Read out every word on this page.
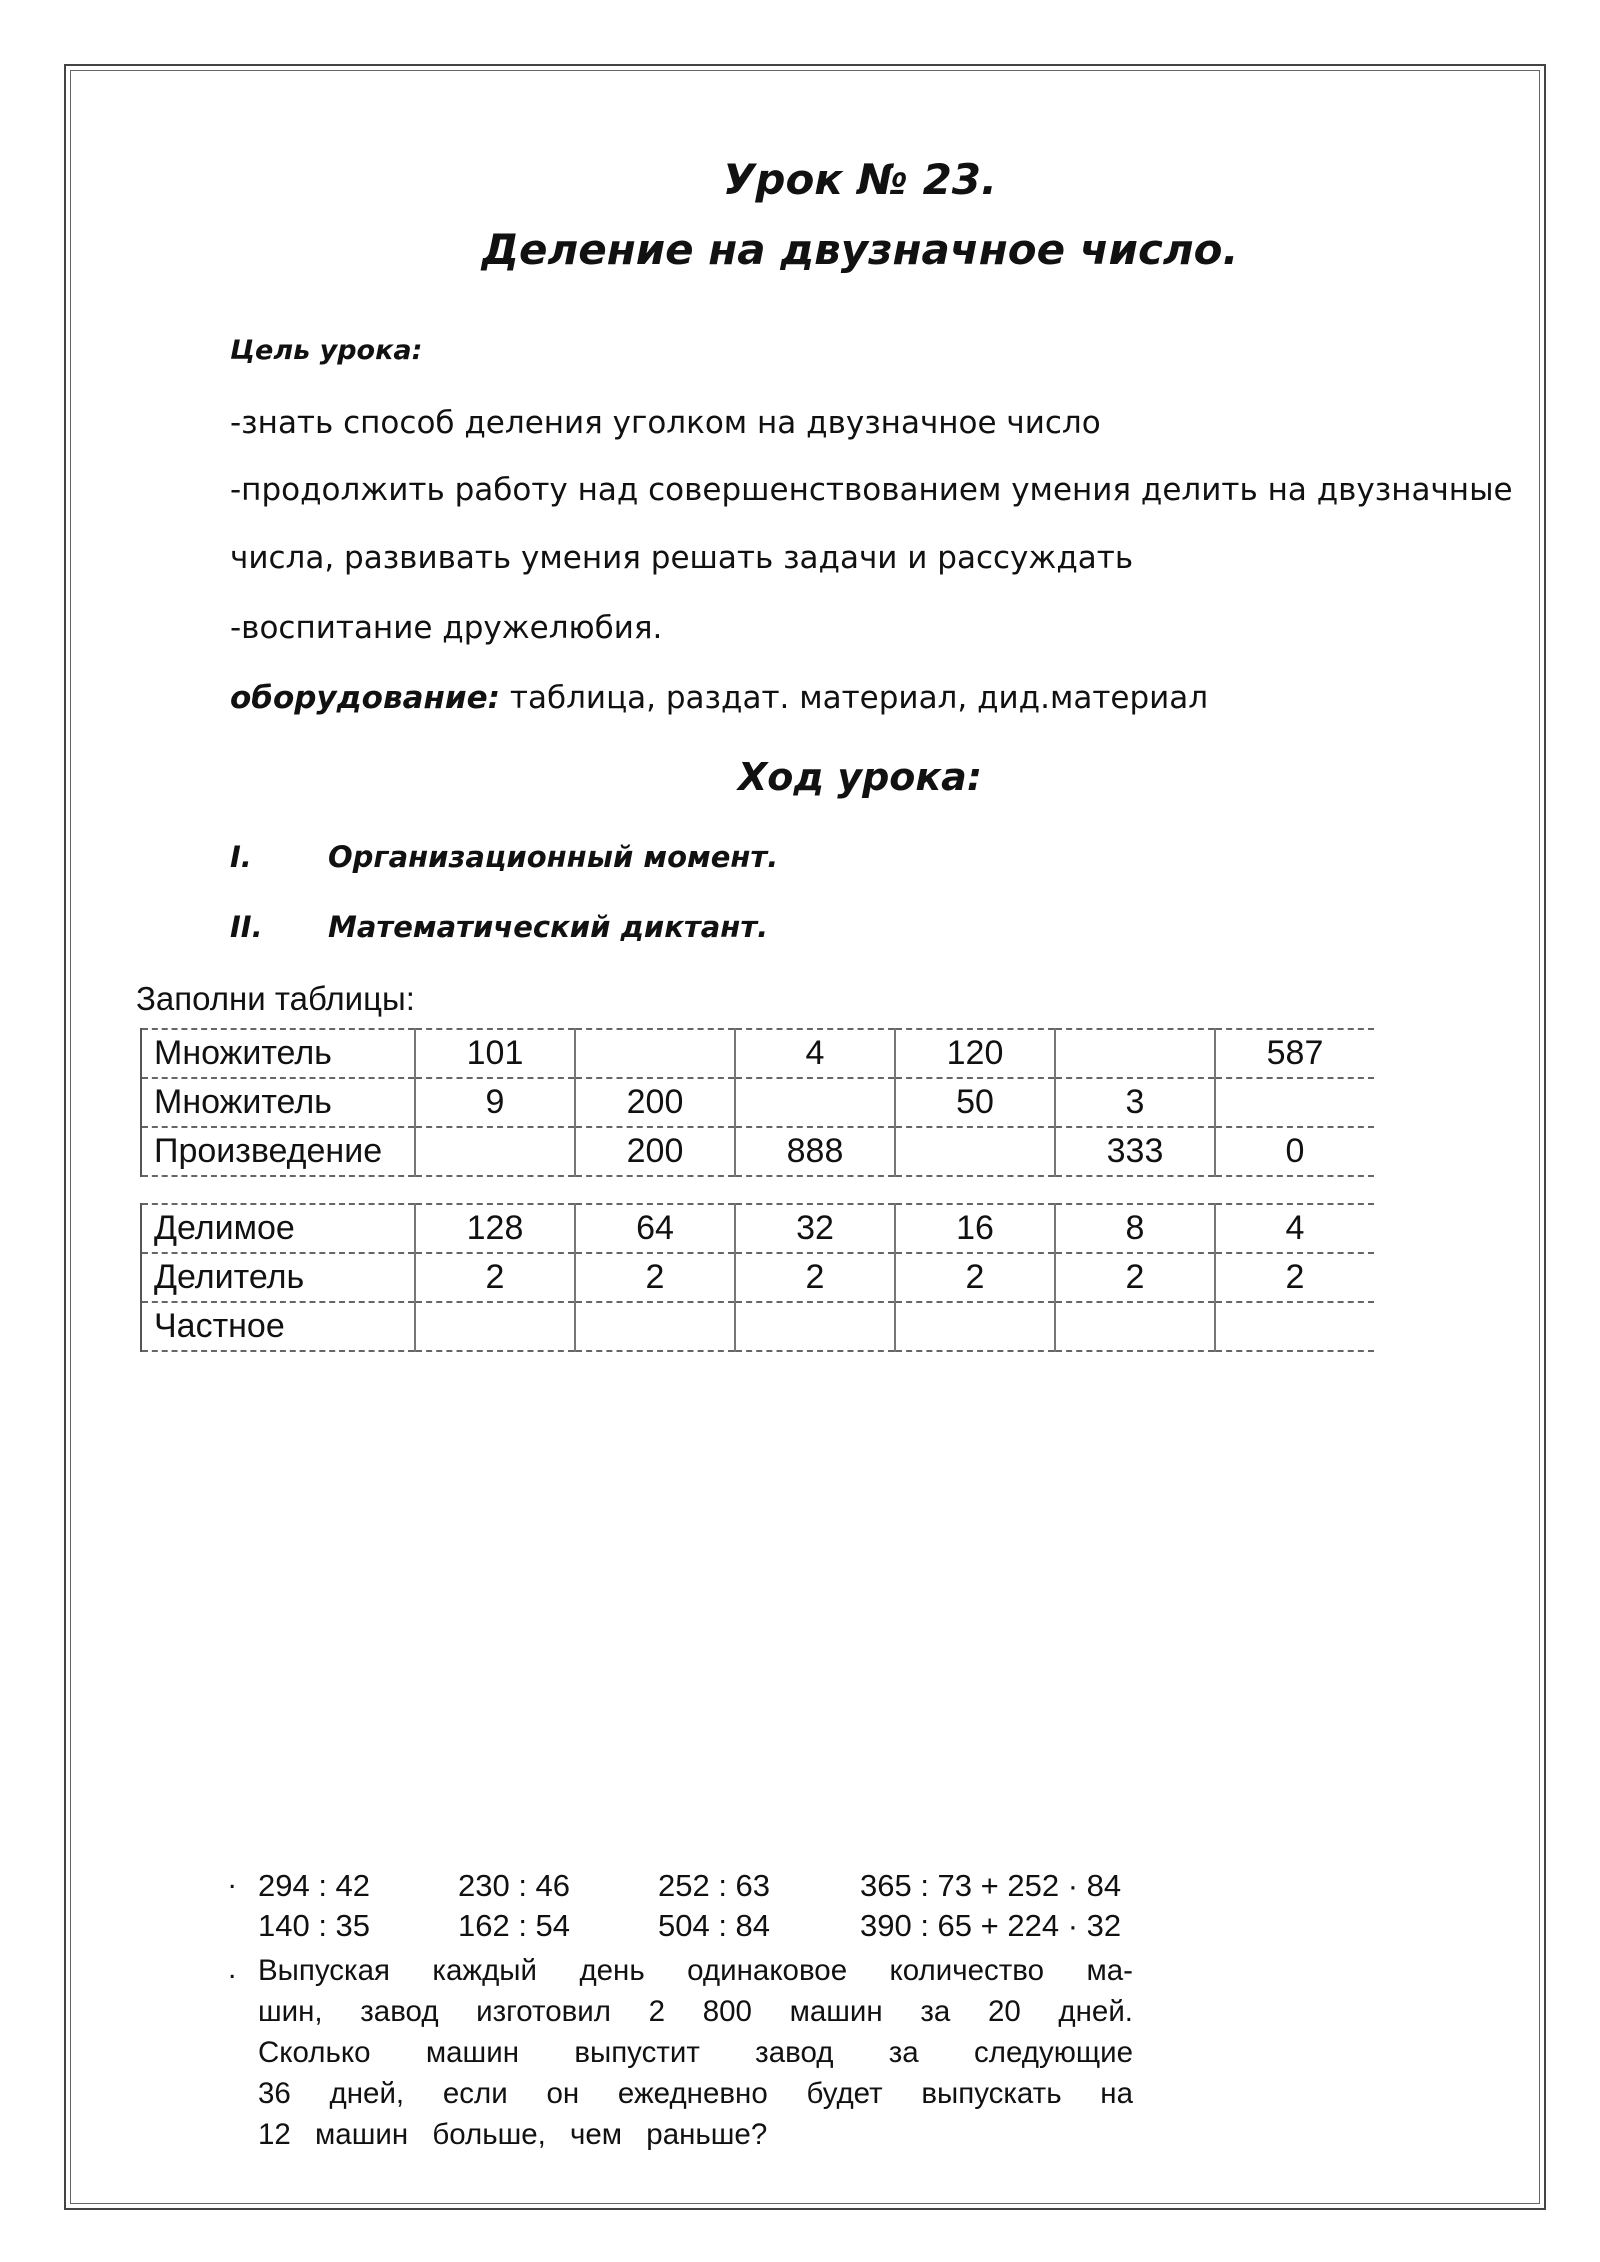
Урок № 23.
Деление на двузначное число.
Цель урока:
-знать способ деления уголком на двузначное число
-продолжить работу над совершенствованием умения делить на двузначные
числа, развивать умения решать задачи и рассуждать
-воспитание дружелюбия.
оборудование: таблица, раздат. материал, дид.материал
Ход урока:
I.	Организационный момент.
II. Математический диктант.
Заполни таблицы:
Множитель	101		4	120		587
Множитель	9	200		50	3	
Произведение		200	888		333	0
Делимое	128	64	32	16	8	4
Делитель	2	2	2	2	2	2
Частное						
. 294 : 42	230 : 46	252 : 63	365 : 73 + 252 · 84
140 : 35	162 : 54	504 : 84	390 : 65 + 224 · 32
. Выпуская каждый день одинаковое количество ма-
шин, завод изготовил 2 800 машин за 20 дней.
Сколько машин выпустит завод за следующие
36 дней, если он ежедневно будет выпускать на
12 машин больше, чем раньше?
